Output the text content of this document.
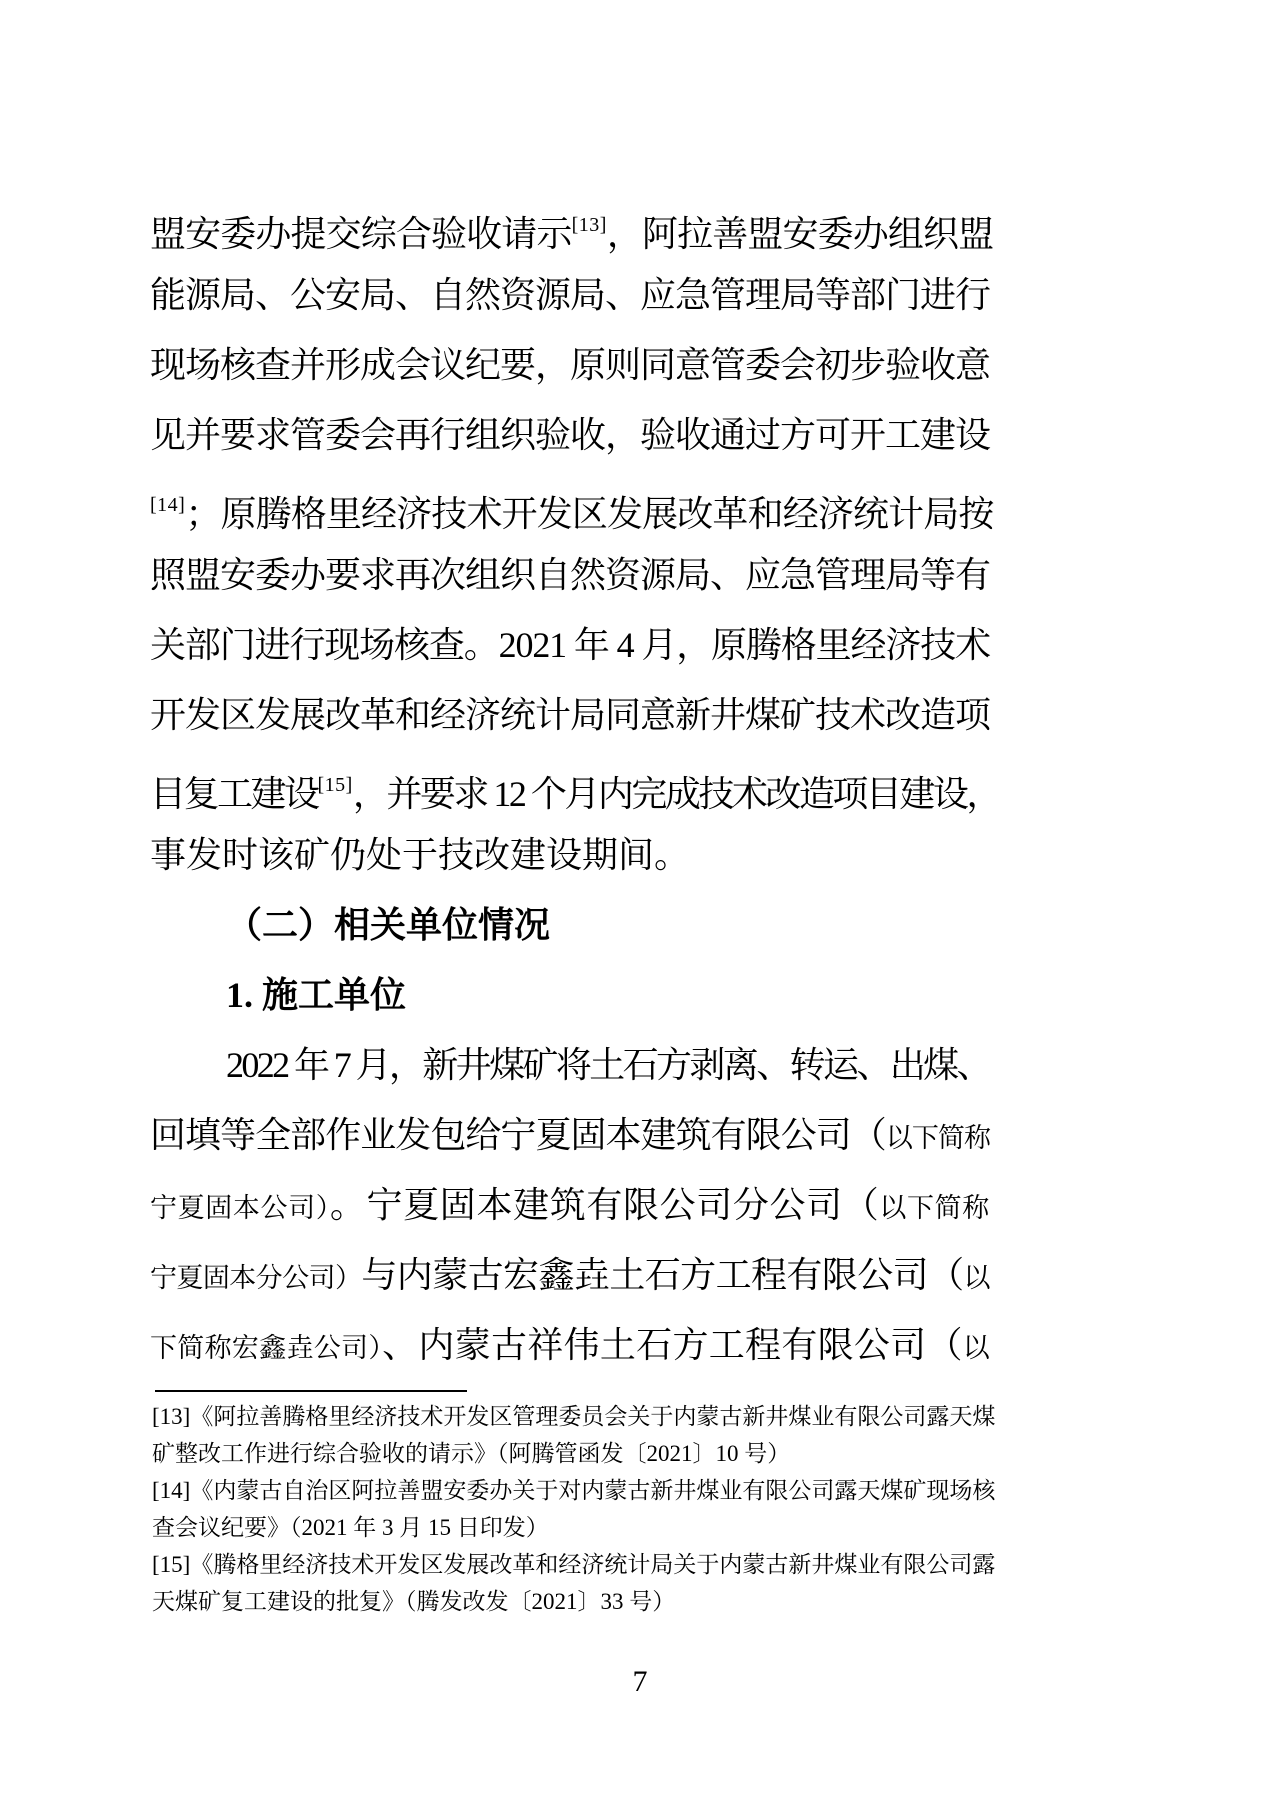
盟安委办提交综合验收请示[13]，阿拉善盟安委办组织盟
能源局、公安局、自然资源局、应急管理局等部门进行
现场核查并形成会议纪要，原则同意管委会初步验收意
见并要求管委会再行组织验收，验收通过方可开工建设
[14]；原腾格里经济技术开发区发展改革和经济统计局按
照盟安委办要求再次组织自然资源局、应急管理局等有
关部门进行现场核查。2021 年 4 月，原腾格里经济技术
开发区发展改革和经济统计局同意新井煤矿技术改造项
目复工建设[15]，并要求 12 个月内完成技术改造项目建设，
事发时该矿仍处于技改建设期间。
（二）相关单位情况
1. 施工单位
2022 年 7 月，新井煤矿将土石方剥离、转运、出煤、
回填等全部作业发包给宁夏固本建筑有限公司（以下简称
宁夏固本公司）。宁夏固本建筑有限公司分公司（以下简称
宁夏固本分公司）与内蒙古宏鑫垚土石方工程有限公司（以
下简称宏鑫垚公司）、内蒙古祥伟土石方工程有限公司（以
[13]《阿拉善腾格里经济技术开发区管理委员会关于内蒙古新井煤业有限公司露天煤
矿整改工作进行综合验收的请示》（阿腾管函发〔2021〕10 号）
[14]《内蒙古自治区阿拉善盟安委办关于对内蒙古新井煤业有限公司露天煤矿现场核
查会议纪要》（2021 年 3 月 15 日印发）
[15]《腾格里经济技术开发区发展改革和经济统计局关于内蒙古新井煤业有限公司露
天煤矿复工建设的批复》（腾发改发〔2021〕33 号）
7
